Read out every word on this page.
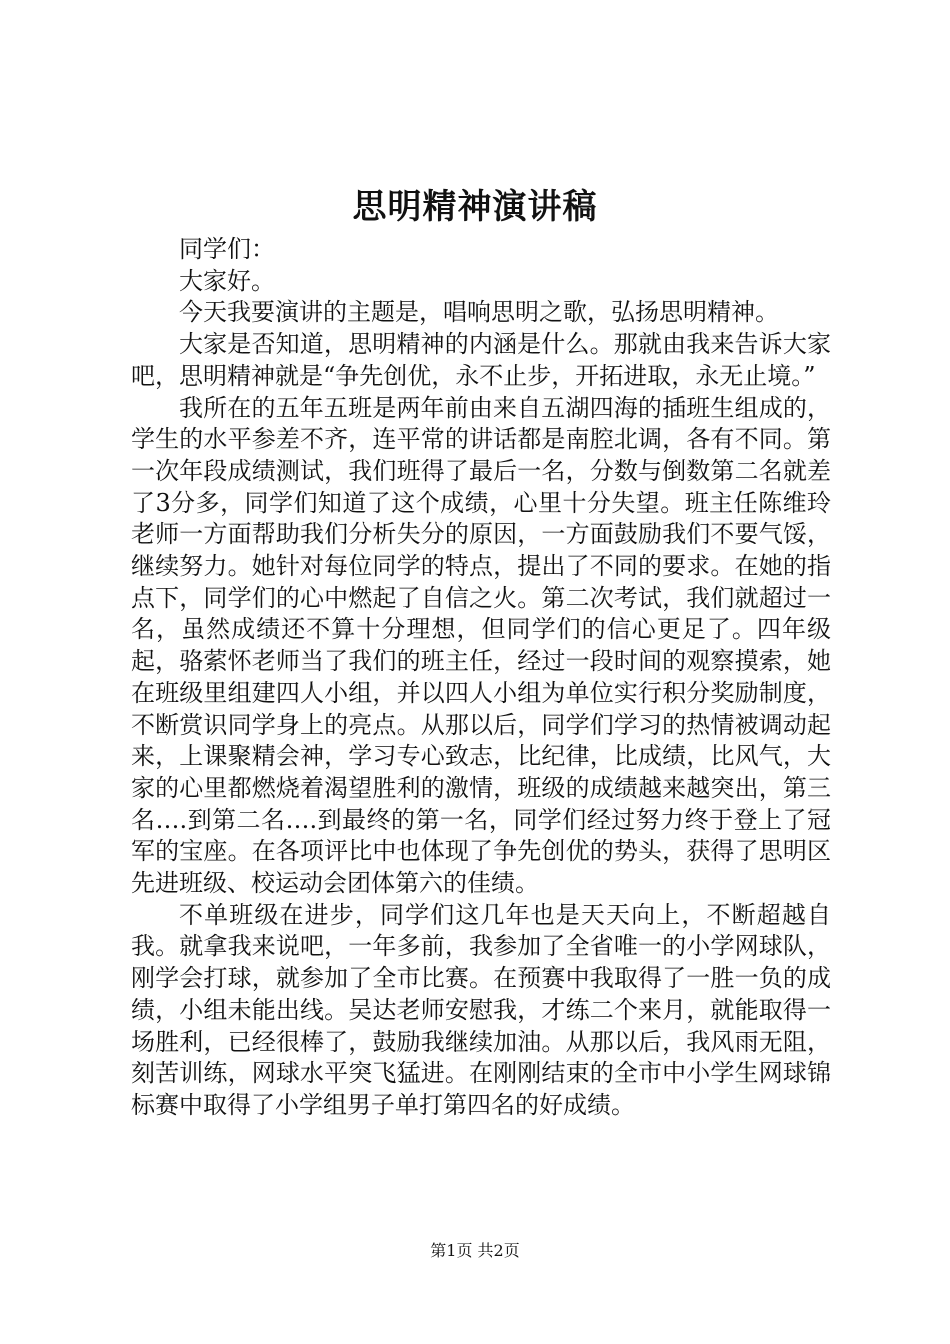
思明精神演讲稿

同学们：

大家好。

今天我要演讲的主题是，唱响思明之歌，弘扬思明精神。

大家是否知道，思明精神的内涵是什么。那就由我来告诉大家吧，思明精神就是“争先创优，永不止步，开拓进取，永无止境。”

我所在的五年五班是两年前由来自五湖四海的插班生组成的，学生的水平参差不齐，连平常的讲话都是南腔北调，各有不同。第一次年段成绩测试，我们班得了最后一名，分数与倒数第二名就差了3分多，同学们知道了这个成绩，心里十分失望。班主任陈维玲老师一方面帮助我们分析失分的原因，一方面鼓励我们不要气馁，继续努力。她针对每位同学的特点，提出了不同的要求。在她的指点下，同学们的心中燃起了自信之火。第二次考试，我们就超过一名，虽然成绩还不算十分理想，但同学们的信心更足了。四年级起，骆萦怀老师当了我们的班主任，经过一段时间的观察摸索，她在班级里组建四人小组，并以四人小组为单位实行积分奖励制度，不断赏识同学身上的亮点。从那以后，同学们学习的热情被调动起来，上课聚精会神，学习专心致志，比纪律，比成绩，比风气，大家的心里都燃烧着渴望胜利的激情，班级的成绩越来越突出，第三名….到第二名….到最终的第一名，同学们经过努力终于登上了冠军的宝座。在各项评比中也体现了争先创优的势头，获得了思明区先进班级、校运动会团体第六的佳绩。

不单班级在进步，同学们这几年也是天天向上，不断超越自我。就拿我来说吧，一年多前，我参加了全省唯一的小学网球队，刚学会打球，就参加了全市比赛。在预赛中我取得了一胜一负的成绩，小组未能出线。吴达老师安慰我，才练二个来月，就能取得一场胜利，已经很棒了，鼓励我继续加油。从那以后，我风雨无阻，刻苦训练，网球水平突飞猛进。在刚刚结束的全市中小学生网球锦标赛中取得了小学组男子单打第四名的好成绩。

第1页 共2页
